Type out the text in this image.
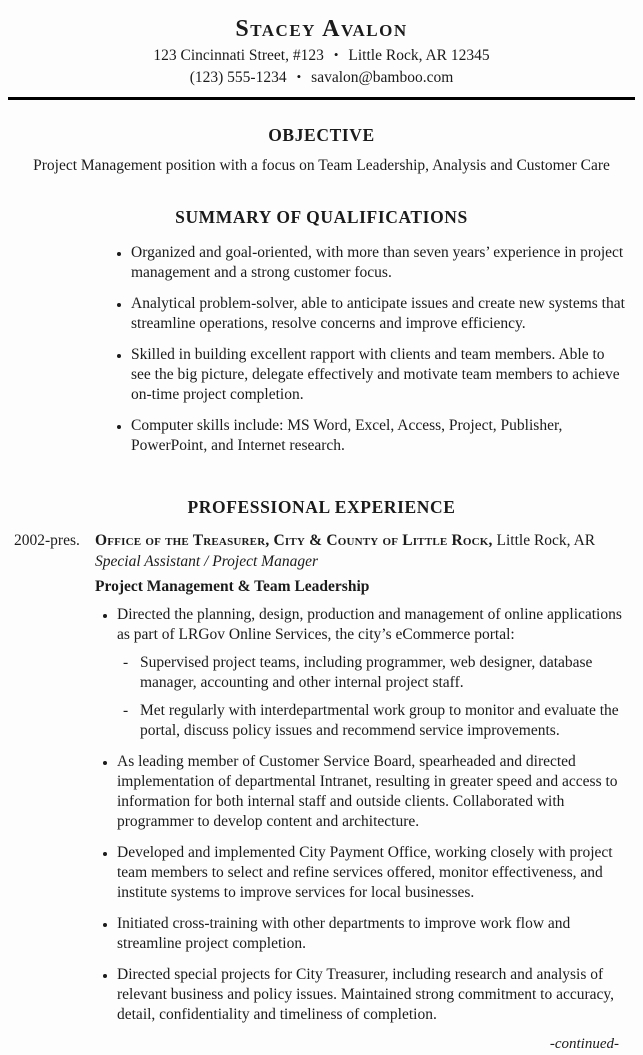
Stacey Avalon
123 Cincinnati Street, #123 • Little Rock, AR 12345
(123) 555-1234 • savalon@bamboo.com
OBJECTIVE
Project Management position with a focus on Team Leadership, Analysis and Customer Care
SUMMARY OF QUALIFICATIONS
• Organized and goal-oriented, with more than seven years’ experience in project management and a strong customer focus.
• Analytical problem-solver, able to anticipate issues and create new systems that streamline operations, resolve concerns and improve efficiency.
• Skilled in building excellent rapport with clients and team members. Able to see the big picture, delegate effectively and motivate team members to achieve on-time project completion.
• Computer skills include: MS Word, Excel, Access, Project, Publisher, PowerPoint, and Internet research.
PROFESSIONAL EXPERIENCE
2002-pres. Office of the Treasurer, City & County of Little Rock, Little Rock, AR
Special Assistant / Project Manager
Project Management & Team Leadership
• Directed the planning, design, production and management of online applications as part of LRGov Online Services, the city’s eCommerce portal:
- Supervised project teams, including programmer, web designer, database manager, accounting and other internal project staff.
- Met regularly with interdepartmental work group to monitor and evaluate the portal, discuss policy issues and recommend service improvements.
• As leading member of Customer Service Board, spearheaded and directed implementation of departmental Intranet, resulting in greater speed and access to information for both internal staff and outside clients. Collaborated with programmer to develop content and architecture.
• Developed and implemented City Payment Office, working closely with project team members to select and refine services offered, monitor effectiveness, and institute systems to improve services for local businesses.
• Initiated cross-training with other departments to improve work flow and streamline project completion.
• Directed special projects for City Treasurer, including research and analysis of relevant business and policy issues. Maintained strong commitment to accuracy, detail, confidentiality and timeliness of completion.
-continued-
